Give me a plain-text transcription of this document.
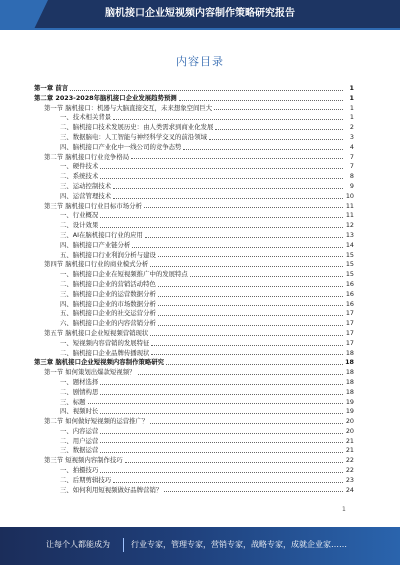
脑机接口企业短视频内容制作策略研究报告
内容目录
第一章 前言	1
第二章 2023-2028年脑机接口企业发展趋势预测	1
第一节 脑机接口：机器与大脑直接交互，未来想象空间巨大	1
一、技术相关背景	1
二、脑机接口技术发展历史：由人类需求到商业化发展	2
三、数据脑电：人工智能与神经科学交叉的前沿领域	3
四、脑机接口产业化中一线公司的竞争态势	4
第二节 脑机接口行业竞争格局	7
一、硬件技术	7
二、系统技术	8
三、运动控制技术	9
四、运营管理技术	10
第三节 脑机接口行业目标市场分析	11
一、行业概况	11
二、设计效果	12
三、AI在脑机接口行业的应用	13
四、脑机接口产业链分析	14
五、脑机接口行业利润分析与建设	15
第四节 脑机接口行业的商业模式分析	15
一、脑机接口企业在短视频推广中的发展特点	15
二、脑机接口企业的营销活动特色	16
三、脑机接口企业的运营数据分析	16
四、脑机接口企业的市场数据分析	16
五、脑机接口企业的社交运营分析	17
六、脑机接口企业的内容营销分析	17
第五节 脑机接口企业短视频营销现状	17
一、短视频内容营销的发展特征	17
二、脑机接口企业品牌传播现状	18
第三章 脑机接口企业短视频内容制作策略研究	18
第一节 如何策划出爆款短视频？	18
一、题材选择	18
二、剧情构思	18
三、标题	19
四、视频时长	19
第二节 如何做好短视频的运营推广？	20
一、内容运营	20
二、用户运营	21
三、数据运营	21
第三节 短视频内容制作技巧	22
一、拍摄技巧	22
二、后期剪辑技巧	23
三、如何利用短视频做好品牌营销？	24
1
让每个人都能成为	行业专家，管理专家，营销专家，战略专家，成就企业家……
